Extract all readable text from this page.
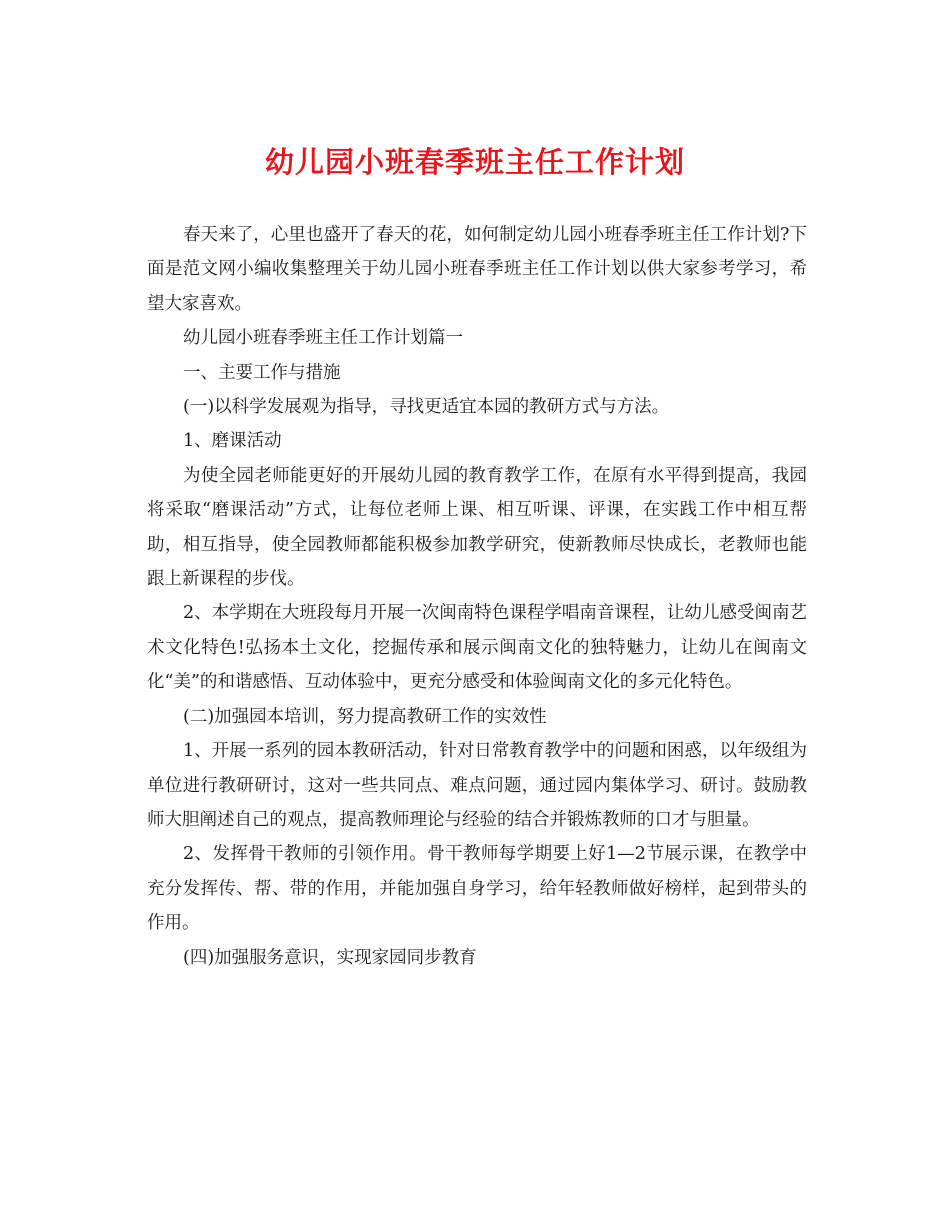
幼儿园小班春季班主任工作计划

春天来了，心里也盛开了春天的花，如何制定幼儿园小班春季班主任工作计划?下面是范文网小编收集整理关于幼儿园小班春季班主任工作计划以供大家参考学习，希望大家喜欢。

幼儿园小班春季班主任工作计划篇一

一、主要工作与措施

(一)以科学发展观为指导，寻找更适宜本园的教研方式与方法。

1、磨课活动

为使全园老师能更好的开展幼儿园的教育教学工作，在原有水平得到提高，我园将采取“磨课活动”方式，让每位老师上课、相互听课、评课，在实践工作中相互帮助，相互指导，使全园教师都能积极参加教学研究，使新教师尽快成长，老教师也能跟上新课程的步伐。

2、本学期在大班段每月开展一次闽南特色课程学唱南音课程，让幼儿感受闽南艺术文化特色!弘扬本土文化，挖掘传承和展示闽南文化的独特魅力，让幼儿在闽南文化“美”的和谐感悟、互动体验中，更充分感受和体验闽南文化的多元化特色。

(二)加强园本培训，努力提高教研工作的实效性

1、开展一系列的园本教研活动，针对日常教育教学中的问题和困惑，以年级组为单位进行教研研讨，这对一些共同点、难点问题，通过园内集体学习、研讨。鼓励教师大胆阐述自己的观点，提高教师理论与经验的结合并锻炼教师的口才与胆量。

2、发挥骨干教师的引领作用。骨干教师每学期要上好1—2节展示课，在教学中充分发挥传、帮、带的作用，并能加强自身学习，给年轻教师做好榜样，起到带头的作用。

(四)加强服务意识，实现家园同步教育
